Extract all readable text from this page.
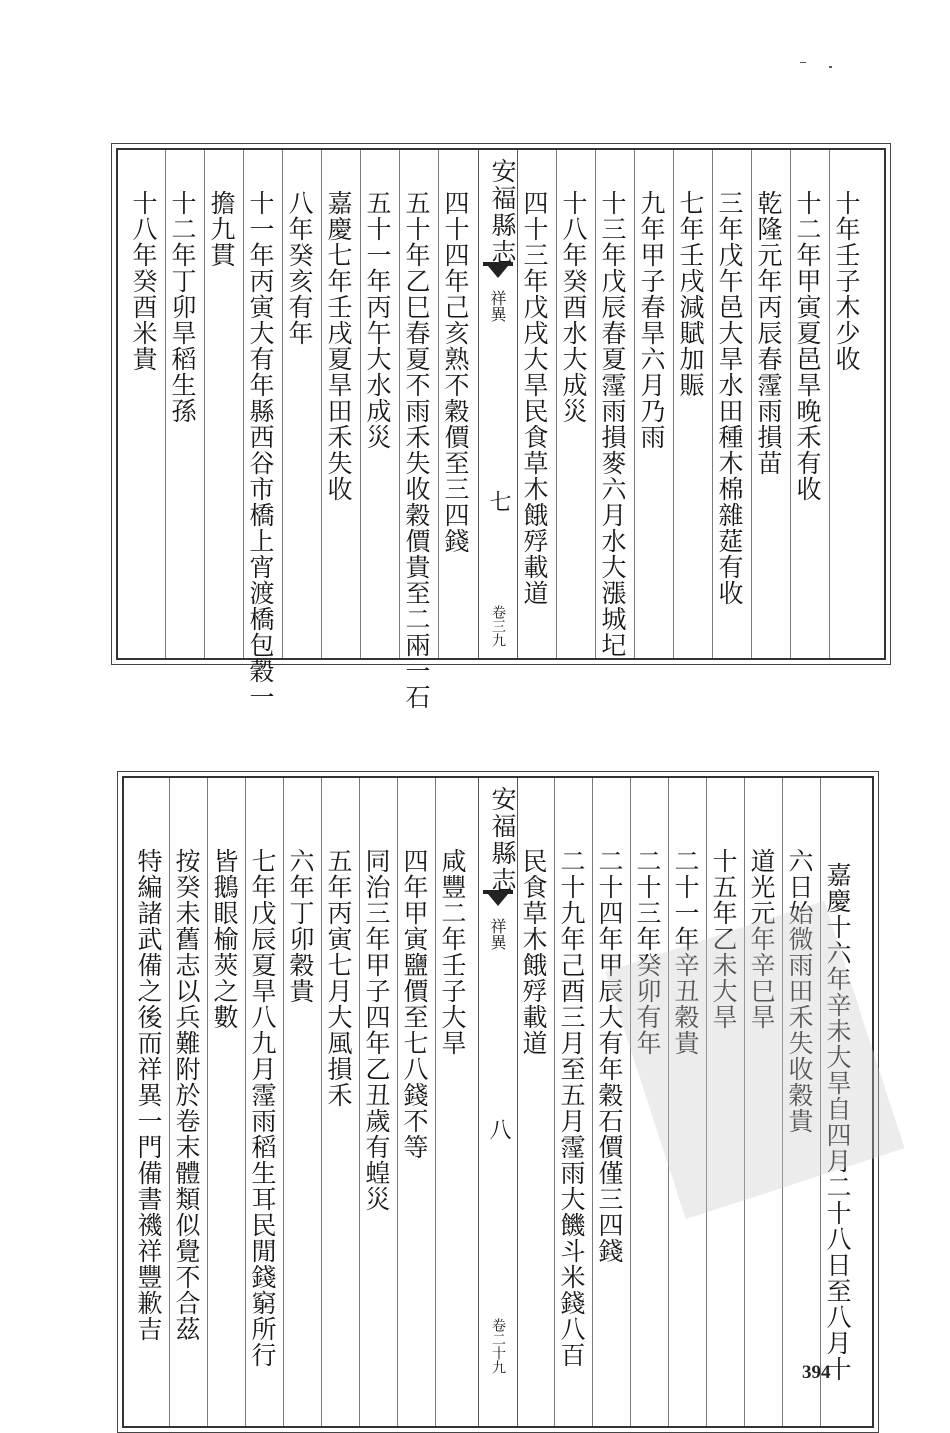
十年壬子木少收
十二年甲寅夏邑旱晚禾有收
乾隆元年丙辰春霪雨損苗
三年戊午邑大旱水田種木棉雜莚有收
七年壬戌減賦加賑
九年甲子春旱六月乃雨
十三年戊辰春夏霪雨損麥六月水大漲城圮
十八年癸酉水大成災
四十三年戊戌大旱民食草木餓殍載道
安福縣志
祥異
七
卷三九
四十四年己亥熟不穀價至三四錢
五十年乙巳春夏不雨禾失收穀價貴至二兩一石
五十一年丙午大水成災
嘉慶七年壬戌夏旱田禾失收
八年癸亥有年
十一年丙寅大有年縣西谷市橋上宵渡橋包穀一
擔九貫
十二年丁卯旱稻生孫
十八年癸酉米貴
嘉慶十六年辛未大旱自四月二十八日至八月十
六日始微雨田禾失收穀貴
道光元年辛巳旱
十五年乙未大旱
二十一年辛丑穀貴
二十三年癸卯有年
二十四年甲辰大有年穀石價僅三四錢
二十九年己酉三月至五月霪雨大饑斗米錢八百
民食草木餓殍載道
安福縣志
祥異
八
卷二十九
咸豐二年壬子大旱
四年甲寅鹽價至七八錢不等
同治三年甲子四年乙丑歲有蝗災
五年丙寅七月大風損禾
六年丁卯穀貴
七年戊辰夏旱八九月霪雨稻生耳民閒錢窮所行
皆鵝眼榆莢之數
按癸未舊志以兵難附於卷末體類似覺不合茲
特編諸武備之後而祥異一門備書禨祥豐歉吉
394
